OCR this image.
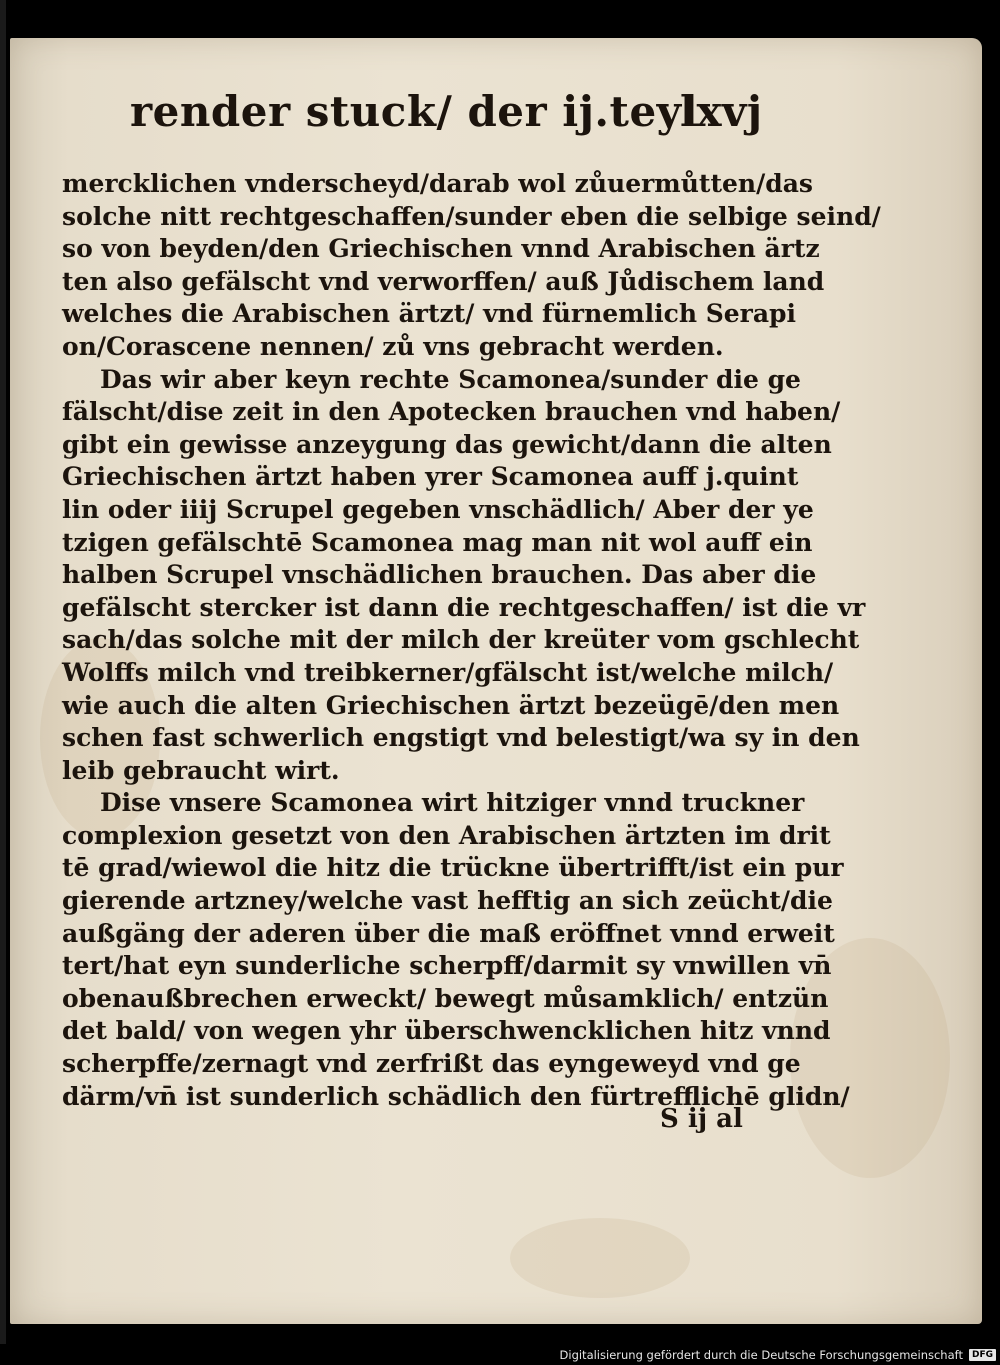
render stuck/ der ij.teyl
lxvj
mercklichen vnderscheyd/darab wol zůuermůtten/das
solche nitt rechtgeschaffen/sunder eben die selbige seind/
so von beyden/den Griechischen vnnd Arabischen ärtz
ten also gefälscht vnd verworffen/ auß Jůdischem land
welches die Arabischen ärtzt/ vnd fürnemlich Serapi
on/Corascene nennen/ zů vns gebracht werden.
Das wir aber keyn rechte Scamonea/sunder die ge
fälscht/dise zeit in den Apotecken brauchen vnd haben/
gibt ein gewisse anzeygung das gewicht/dann die alten
Griechischen ärtzt haben yrer Scamonea auff j.quint
lin oder iiij Scrupel gegeben vnschädlich/ Aber der ye
tzigen gefälschtē Scamonea mag man nit wol auff ein
halben Scrupel vnschädlichen brauchen. Das aber die
gefälscht stercker ist dann die rechtgeschaffen/ ist die vr
sach/das solche mit der milch der kreüter vom gschlecht
Wolffs milch vnd treibkerner/gfälscht ist/welche milch/
wie auch die alten Griechischen ärtzt bezeügē/den men
schen fast schwerlich engstigt vnd belestigt/wa sy in den
leib gebraucht wirt.
Dise vnsere Scamonea wirt hitziger vnnd truckner
complexion gesetzt von den Arabischen ärtzten im drit
tē grad/wiewol die hitz die trückne übertrifft/ist ein pur
gierende artzney/welche vast hefftig an sich zeücht/die
außgäng der aderen über die maß eröffnet vnnd erweit
tert/hat eyn sunderliche scherpff/darmit sy vnwillen vn̄
obenaußbrechen erweckt/ bewegt můsamklich/ entzün
det bald/ von wegen yhr überschwencklichen hitz vnnd
scherpffe/zernagt vnd zerfrißt das eyngeweyd vnd ge
därm/vn̄ ist sunderlich schädlich den fürtrefflichē glidn/
S ij al
Digitalisierung gefördert durch die Deutsche Forschungsgemeinschaft	DFG
